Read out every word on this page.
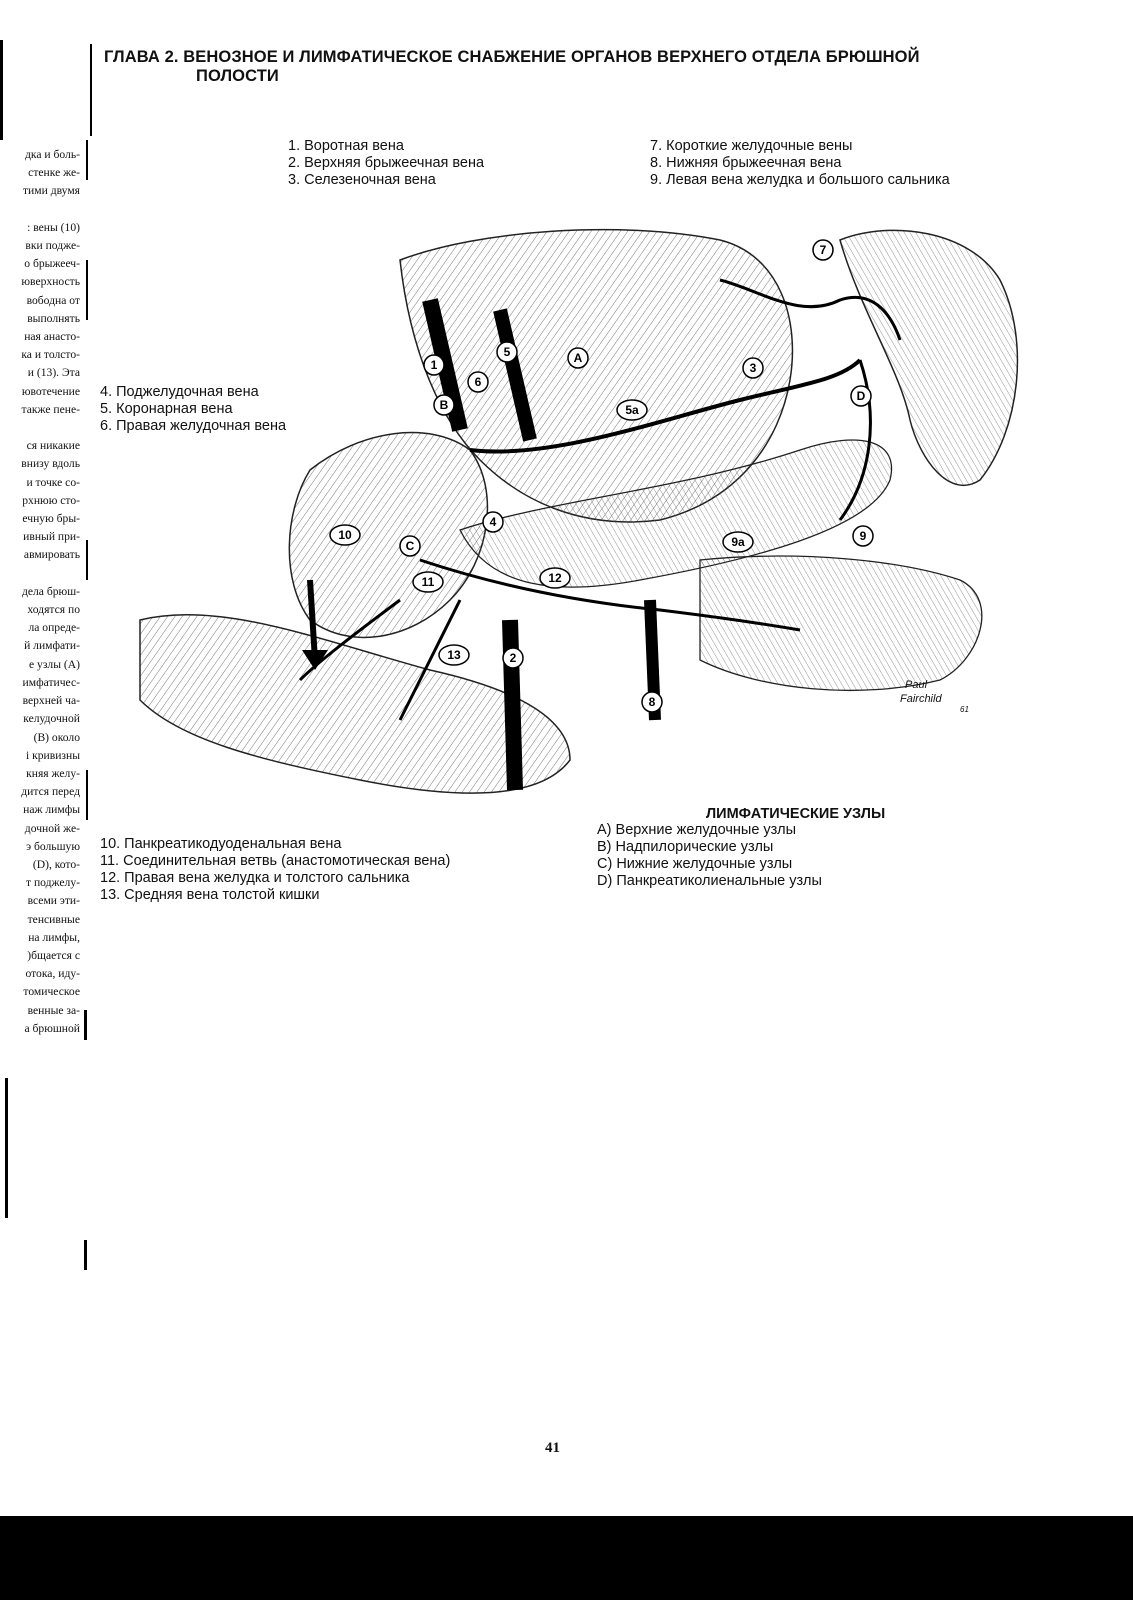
ГЛАВА 2. ВЕНОЗНОЕ И ЛИМФАТИЧЕСКОЕ СНАБЖЕНИЕ ОРГАНОВ ВЕРХНЕГО ОТДЕЛА БРЮШНОЙ
ПОЛОСТИ
дка и боль-
стенке же-
тими двумя

: вены (10)
вки подже-
о брыжееч-
юверхность
вободна от
выполнять
ная анасто-
ка и толсто-
и (13). Эта
ювотечение
также пене-

ся никакие
внизу вдоль
и точке со-
рхнюю сто-
ечную бры-
ивный при-
авмировать

дела брюш-
ходятся по
ла опреде-
й лимфати-
е узлы (А)
имфатичес-
верхней ча-
келудочной
(В) около
і кривизны
княя желу-
дится перед
наж лимфы
дочной же-
э большую
(D), кото-
т поджелу-
всеми эти-
тенсивные
на лимфы,
)бщается с
отока, иду-
томическое
венные за-
а брюшной
1. Воротная вена
2. Верхняя брыжеечная вена
3. Селезеночная вена
7. Короткие желудочные вены
8. Нижняя брыжеечная вена
9. Левая вена желудка и большого сальника
4. Поджелудочная вена
5. Коронарная вена
6. Правая желудочная вена
10. Панкреатикодуоденальная вена
11. Соединительная ветвь (анастомотическая вена)
12. Правая вена желудка и толстого сальника
13. Средняя вена толстой кишки
ЛИМФАТИЧЕСКИЕ УЗЛЫ
A) Верхние желудочные узлы
B) Надпилорические узлы
C) Нижние желудочные узлы
D) Панкреатиколиенальные узлы
1
2
3
4
5
5a
6
7
8
9
9a
10
11	12
13
A
B
C
D
Paul
Fairchild
61
41
